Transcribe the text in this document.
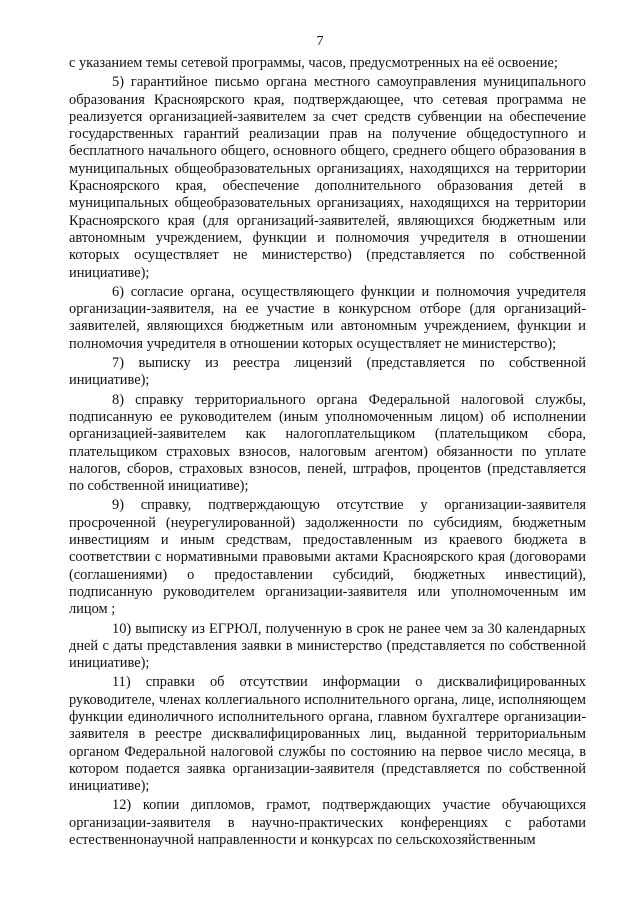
7

с указанием темы сетевой программы, часов, предусмотренных на её освоение;

5) гарантийное письмо органа местного самоуправления муниципального образования Красноярского края, подтверждающее, что сетевая программа не реализуется организацией-заявителем за счет средств субвенции на обеспечение государственных гарантий реализации прав на получение общедоступного и бесплатного начального общего, основного общего, среднего общего образования в муниципальных общеобразовательных организациях, находящихся на территории Красноярского края, обеспечение дополнительного образования детей в муниципальных общеобразовательных организациях, находящихся на территории Красноярского края (для организаций-заявителей, являющихся бюджетным или автономным учреждением, функции и полномочия учредителя в отношении которых осуществляет не министерство) (представляется по собственной инициативе);

6) согласие органа, осуществляющего функции и полномочия учредителя организации-заявителя, на ее участие в конкурсном отборе (для организаций-заявителей, являющихся бюджетным или автономным учреждением, функции и полномочия учредителя в отношении которых осуществляет не министерство);

7) выписку из реестра лицензий (представляется по собственной инициативе);

8) справку территориального органа Федеральной налоговой службы, подписанную ее руководителем (иным уполномоченным лицом) об исполнении организацией-заявителем как налогоплательщиком (плательщиком сбора, плательщиком страховых взносов, налоговым агентом) обязанности по уплате налогов, сборов, страховых взносов, пеней, штрафов, процентов (представляется по собственной инициативе);

9) справку, подтверждающую отсутствие у организации-заявителя просроченной (неурегулированной) задолженности по субсидиям, бюджетным инвестициям и иным средствам, предоставленным из краевого бюджета в соответствии с нормативными правовыми актами Красноярского края (договорами (соглашениями) о предоставлении субсидий, бюджетных инвестиций), подписанную руководителем организации-заявителя или уполномоченным им лицом ;

10) выписку из ЕГРЮЛ, полученную в срок не ранее чем за 30 календарных дней с даты представления заявки в министерство (представляется по собственной инициативе);

11) справки об отсутствии информации о дисквалифицированных руководителе, членах коллегиального исполнительного органа, лице, исполняющем функции единоличного исполнительного органа, главном бухгалтере организации-заявителя в реестре дисквалифицированных лиц, выданной территориальным органом Федеральной налоговой службы по состоянию на первое число месяца, в котором подается заявка организации-заявителя (представляется по собственной инициативе);

12) копии дипломов, грамот, подтверждающих участие обучающихся организации-заявителя в научно-практических конференциях с работами естественнонаучной направленности и конкурсах по сельскохозяйственным
